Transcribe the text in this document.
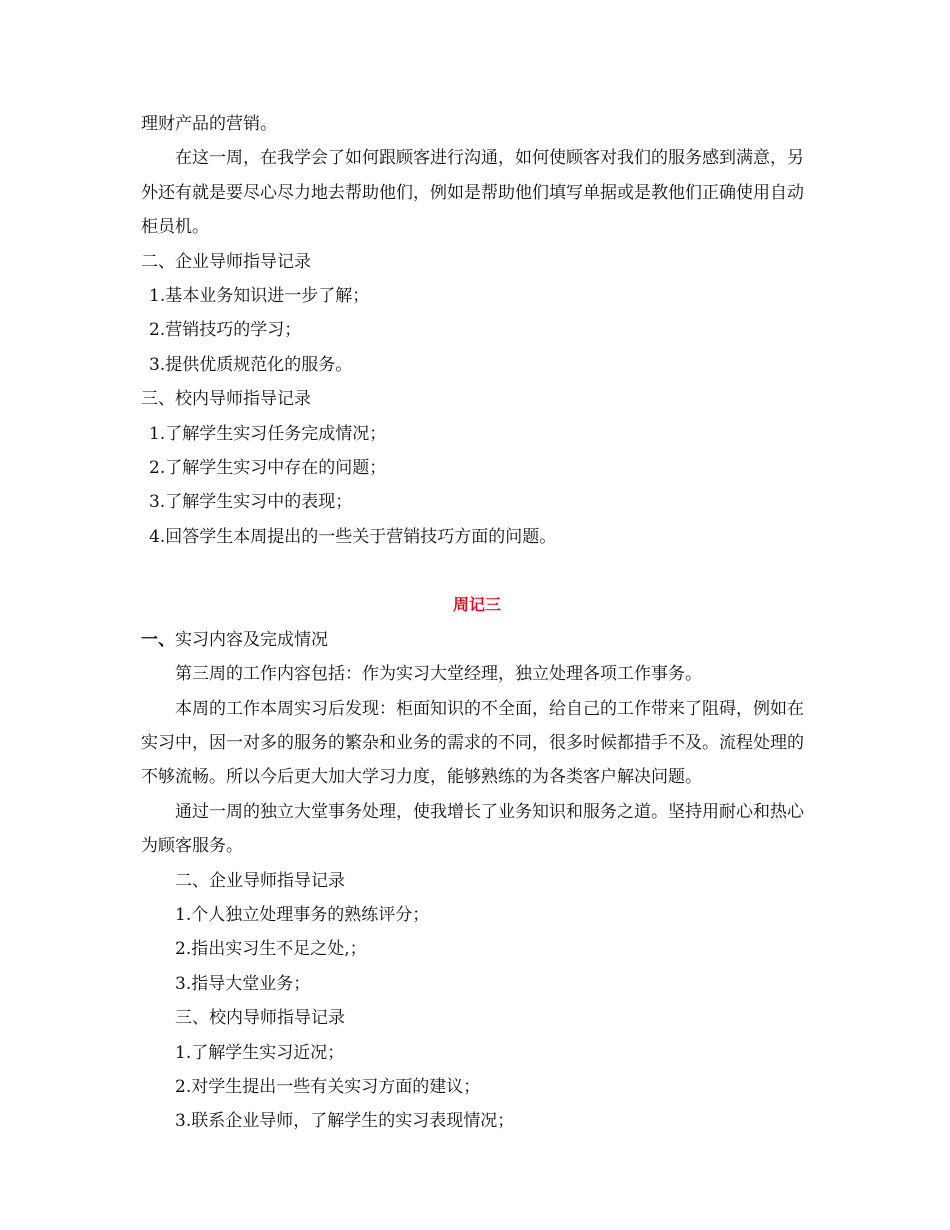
理财产品的营销。

在这一周，在我学会了如何跟顾客进行沟通，如何使顾客对我们的服务感到满意，另外还有就是要尽心尽力地去帮助他们，例如是帮助他们填写单据或是教他们正确使用自动柜员机。

二、企业导师指导记录

1.基本业务知识进一步了解；

2.营销技巧的学习；

3.提供优质规范化的服务。

三、校内导师指导记录

1.了解学生实习任务完成情况；

2.了解学生实习中存在的问题；

3.了解学生实习中的表现；

4.回答学生本周提出的一些关于营销技巧方面的问题。

周记三

一、实习内容及完成情况

第三周的工作内容包括：作为实习大堂经理，独立处理各项工作事务。

本周的工作本周实习后发现：柜面知识的不全面，给自己的工作带来了阻碍，例如在实习中，因一对多的服务的繁杂和业务的需求的不同，很多时候都措手不及。流程处理的不够流畅。所以今后更大加大学习力度，能够熟练的为各类客户解决问题。

通过一周的独立大堂事务处理，使我增长了业务知识和服务之道。坚持用耐心和热心为顾客服务。

二、企业导师指导记录

1.个人独立处理事务的熟练评分；

2.指出实习生不足之处,；

3.指导大堂业务；

三、校内导师指导记录

1.了解学生实习近况；

2.对学生提出一些有关实习方面的建议；

3.联系企业导师，了解学生的实习表现情况；
